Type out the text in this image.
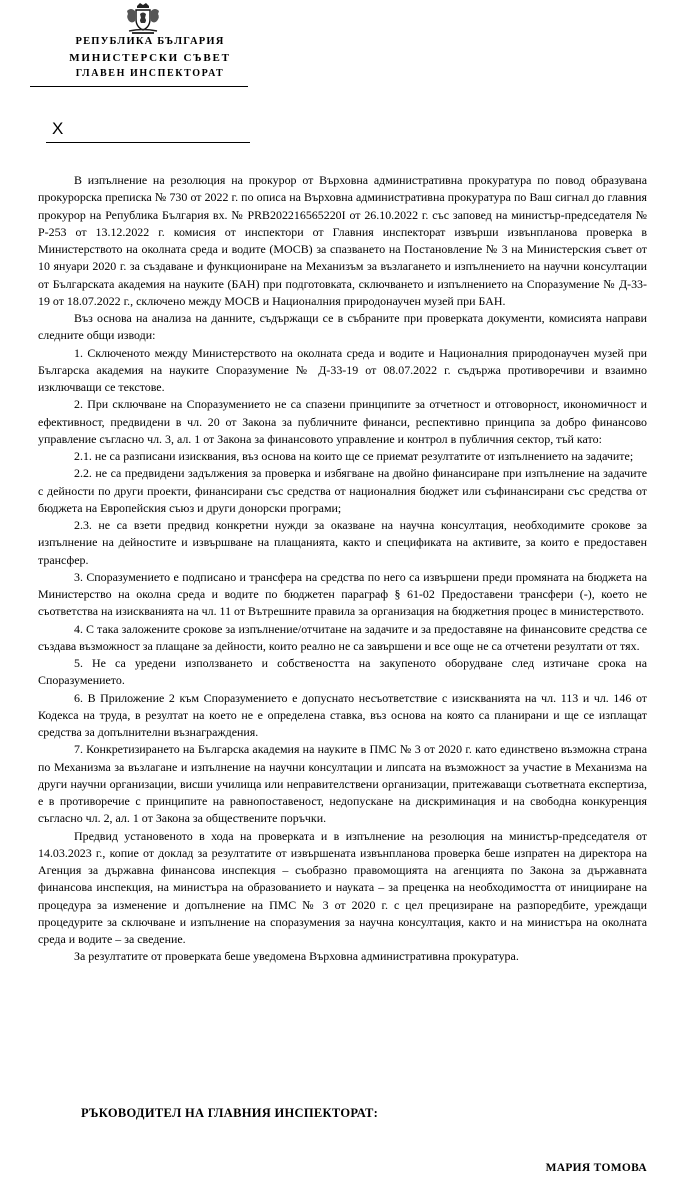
РЕПУБЛИКА БЪЛГАРИЯ
МИНИСТЕРСКИ СЪВЕТ
ГЛАВЕН ИНСПЕКТОРАТ
X

В изпълнение на резолюция на прокурор от Върховна административна прокуратура по повод образувана прокурорска преписка № 730 от 2022 г. по описа на Върховна административна прокуратура по Ваш сигнал до главния прокурор на Република България вх. № PRB202216565220I от 26.10.2022 г. със заповед на министър-председателя № Р-253 от 13.12.2022 г. комисия от инспектори от Главния инспекторат извърши извънпланова проверка в Министерството на околната среда и водите (МОСВ) за спазването на Постановление № 3 на Министерския съвет от 10 януари 2020 г. за създаване и функциониране на Механизъм за възлагането и изпълнението на научни консултации от Българската академия на науките (БАН) при подготовката, сключването и изпълнението на Споразумение № Д-33-19 от 18.07.2022 г., сключено между МОСВ и Националния природонаучен музей при БАН.

Въз основа на анализа на данните, съдържащи се в събраните при проверката документи, комисията направи следните общи изводи:

1. Сключеното между Министерството на околната среда и водите и Националния природонаучен музей при Българска академия на науките Споразумение № Д-33-19 от 08.07.2022 г. съдържа противоречиви и взаимно изключващи се текстове.

2. При сключване на Споразумението не са спазени принципите за отчетност и отговорност, икономичност и ефективност, предвидени в чл. 20 от Закона за публичните финанси, респективно принципа за добро финансово управление съгласно чл. 3, ал. 1 от Закона за финансовото управление и контрол в публичния сектор, тъй като:

2.1. не са разписани изисквания, въз основа на които ще се приемат резултатите от изпълнението на задачите;

2.2. не са предвидени задължения за проверка и избягване на двойно финансиране при изпълнение на задачите с дейности по други проекти, финансирани със средства от националния бюджет или съфинансирани със средства от бюджета на Европейския съюз и други донорски програми;

2.3. не са взети предвид конкретни нужди за оказване на научна консултация, необходимите срокове за изпълнение на дейностите и извършване на плащанията, както и спецификата на активите, за които е предоставен трансфер.

3. Споразумението е подписано и трансфера на средства по него са извършени преди промяната на бюджета на Министерство на околна среда и водите по бюджетен параграф § 61-02 Предоставени трансфери (-), което не съответства на изискванията на чл. 11 от Вътрешните правила за организация на бюджетния процес в министерството.

4. С така заложените срокове за изпълнение/отчитане на задачите и за предоставяне на финансовите средства се създава възможност за плащане за дейности, които реално не са завършени и все още не са отчетени резултати от тях.

5. Не са уредени използването и собствеността на закупеното оборудване след изтичане срока на Споразумението.

6. В Приложение 2 към Споразумението е допуснато несъответствие с изискванията на чл. 113 и чл. 146 от Кодекса на труда, в резултат на което не е определена ставка, въз основа на която са планирани и ще се изплащат средства за допълнителни възнаграждения.

7. Конкретизирането на Българска академия на науките в ПМС № 3 от 2020 г. като единствено възможна страна по Механизма за възлагане и изпълнение на научни консултации и липсата на възможност за участие в Механизма на други научни организации, висши училища или неправителствени организации, притежаващи съответната експертиза, е в противоречие с принципите на равнопоставеност, недопускане на дискриминация и на свободна конкуренция съгласно чл. 2, ал. 1 от Закона за обществените поръчки.

Предвид установеното в хода на проверката и в изпълнение на резолюция на министър-председателя от 14.03.2023 г., копие от доклад за резултатите от извършената извънпланова проверка беше изпратен на директора на Агенция за държавна финансова инспекция – съобразно правомощията на агенцията по Закона за държавната финансова инспекция, на министъра на образованието и науката – за преценка на необходимостта от иницииране на процедура за изменение и допълнение на ПМС № 3 от 2020 г. с цел прецизиране на разпоредбите, уреждащи процедурите за сключване и изпълнение на споразумения за научна консултация, както и на министъра на околната среда и водите – за сведение.

За резултатите от проверката беше уведомена Върховна административна прокуратура.

РЪКОВОДИТЕЛ НА ГЛАВНИЯ ИНСПЕКТОРАТ:
МАРИЯ ТОМОВА
